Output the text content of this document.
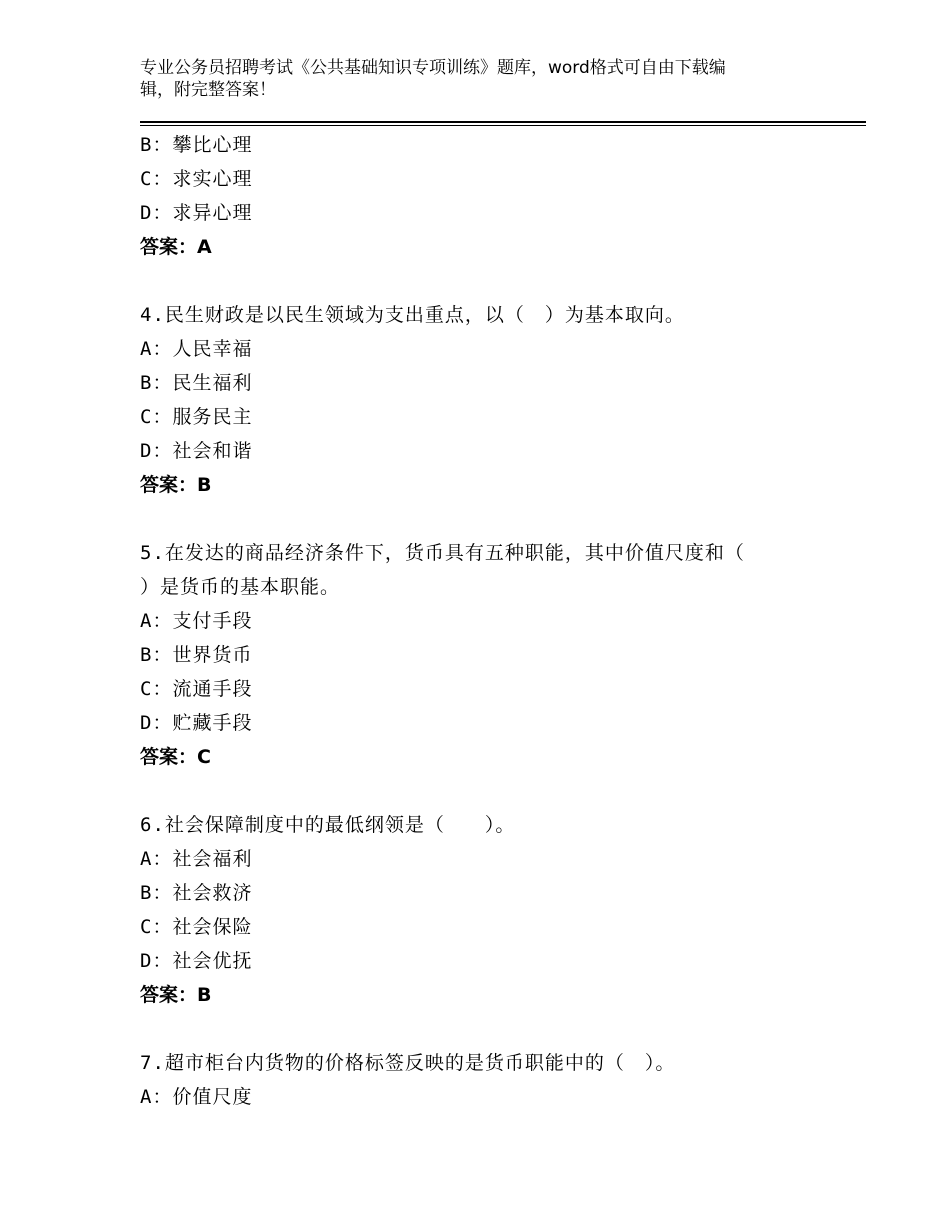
专业公务员招聘考试《公共基础知识专项训练》题库，word格式可自由下载编
辑，附完整答案！
B：攀比心理
C：求实心理
D：求异心理
答案：A
4.民生财政是以民生领域为支出重点，以（　）为基本取向。
A：人民幸福
B：民生福利
C：服务民主
D：社会和谐
答案：B
5.在发达的商品经济条件下，货币具有五种职能，其中价值尺度和（
）是货币的基本职能。
A：支付手段
B：世界货币
C：流通手段
D：贮藏手段
答案：C
6.社会保障制度中的最低纲领是（　　）。
A：社会福利
B：社会救济
C：社会保险
D：社会优抚
答案：B
7.超市柜台内货物的价格标签反映的是货币职能中的（　）。
A：价值尺度
